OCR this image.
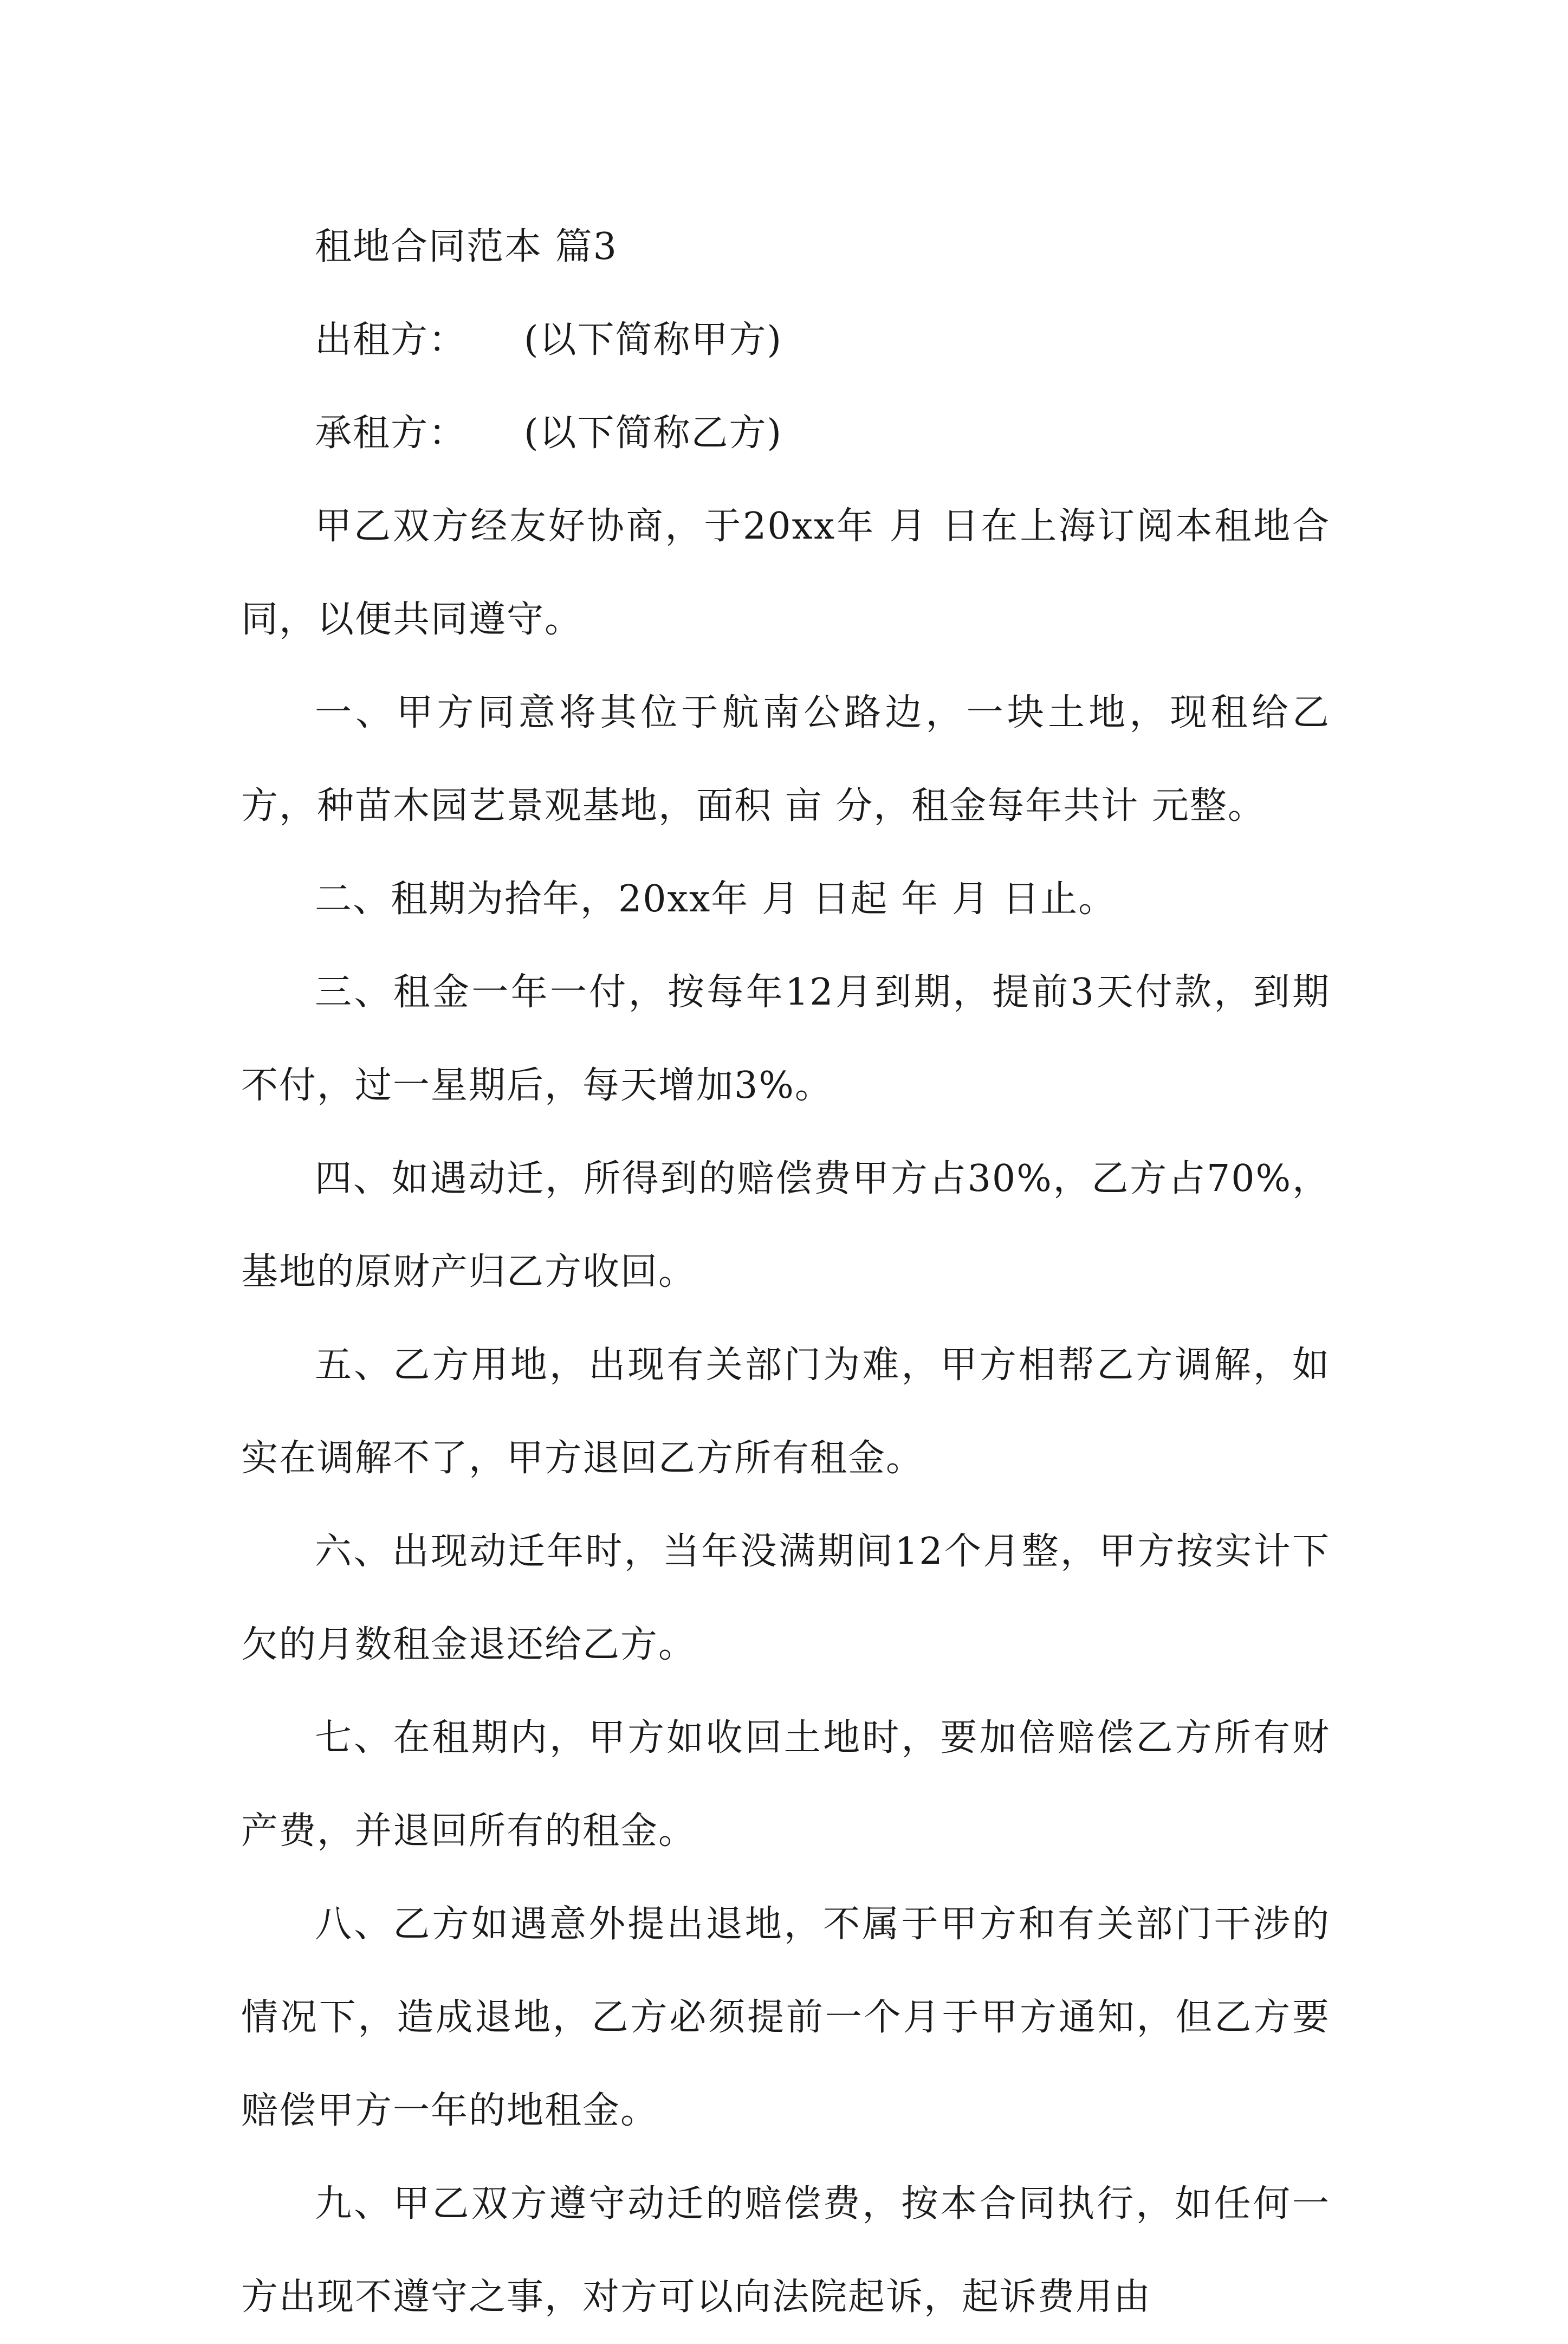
租地合同范本 篇3

出租方：　　(以下简称甲方)

承租方：　　(以下简称乙方)

甲乙双方经友好协商，于20xx年 月 日在上海订阅本租地合同，以便共同遵守。

一、甲方同意将其位于航南公路边，一块土地，现租给乙方，种苗木园艺景观基地，面积 亩 分，租金每年共计 元整。

二、租期为拾年，20xx年 月 日起 年 月 日止。

三、租金一年一付，按每年12月到期，提前3天付款，到期不付，过一星期后，每天增加3%。

四、如遇动迁，所得到的赔偿费甲方占30%，乙方占70%，基地的原财产归乙方收回。

五、乙方用地，出现有关部门为难，甲方相帮乙方调解，如实在调解不了，甲方退回乙方所有租金。

六、出现动迁年时，当年没满期间12个月整，甲方按实计下欠的月数租金退还给乙方。

七、在租期内，甲方如收回土地时，要加倍赔偿乙方所有财产费，并退回所有的租金。

八、乙方如遇意外提出退地，不属于甲方和有关部门干涉的情况下，造成退地，乙方必须提前一个月于甲方通知，但乙方要赔偿甲方一年的地租金。

九、甲乙双方遵守动迁的赔偿费，按本合同执行，如任何一方出现不遵守之事，对方可以向法院起诉，起诉费用由
